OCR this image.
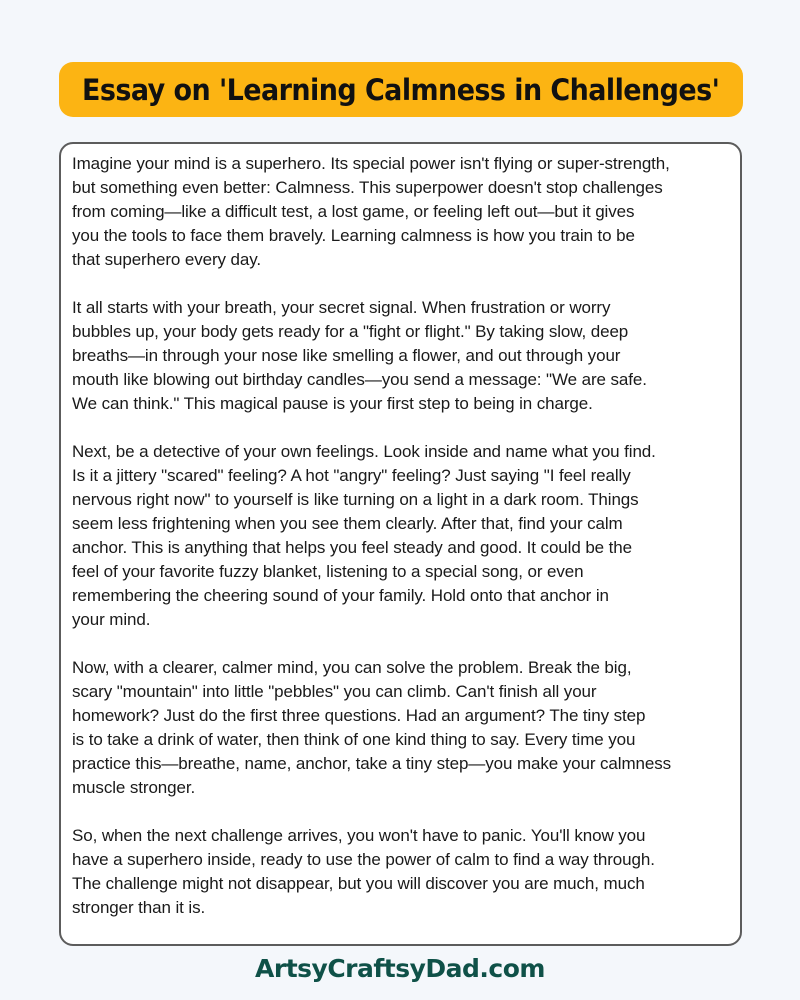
Essay on 'Learning Calmness in Challenges'

Imagine your mind is a superhero. Its special power isn't flying or super-strength,
but something even better: Calmness. This superpower doesn't stop challenges
from coming—like a difficult test, a lost game, or feeling left out—but it gives
you the tools to face them bravely. Learning calmness is how you train to be
that superhero every day.

It all starts with your breath, your secret signal. When frustration or worry
bubbles up, your body gets ready for a "fight or flight." By taking slow, deep
breaths—in through your nose like smelling a flower, and out through your
mouth like blowing out birthday candles—you send a message: "We are safe.
We can think." This magical pause is your first step to being in charge.

Next, be a detective of your own feelings. Look inside and name what you find.
Is it a jittery "scared" feeling? A hot "angry" feeling? Just saying "I feel really
nervous right now" to yourself is like turning on a light in a dark room. Things
seem less frightening when you see them clearly. After that, find your calm
anchor. This is anything that helps you feel steady and good. It could be the
feel of your favorite fuzzy blanket, listening to a special song, or even
remembering the cheering sound of your family. Hold onto that anchor in
your mind.

Now, with a clearer, calmer mind, you can solve the problem. Break the big,
scary "mountain" into little "pebbles" you can climb. Can't finish all your
homework? Just do the first three questions. Had an argument? The tiny step
is to take a drink of water, then think of one kind thing to say. Every time you
practice this—breathe, name, anchor, take a tiny step—you make your calmness
muscle stronger.

So, when the next challenge arrives, you won't have to panic. You'll know you
have a superhero inside, ready to use the power of calm to find a way through.
The challenge might not disappear, but you will discover you are much, much
stronger than it is.

ArtsyCraftsyDad.com
